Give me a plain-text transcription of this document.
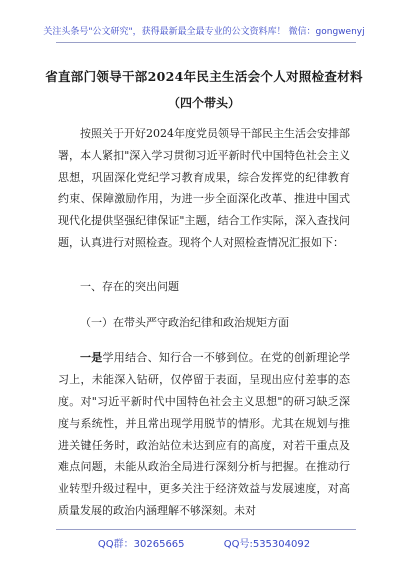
关注头条号"公文研究"，获得最新最全最专业的公文资料库！ 微信：gongwenyj
省直部门领导干部2024年民主生活会个人对照检查材料
（四个带头）

按照关于开好2024年度党员领导干部民主生活会安排部署，本人紧扣"深入学习贯彻习近平新时代中国特色社会主义思想，巩固深化党纪学习教育成果，综合发挥党的纪律教育约束、保障激励作用，为进一步全面深化改革、推进中国式现代化提供坚强纪律保证"主题，结合工作实际，深入查找问题，认真进行对照检查。现将个人对照检查情况汇报如下：

一、存在的突出问题

（一）在带头严守政治纪律和政治规矩方面

一是学用结合、知行合一不够到位。在党的创新理论学习上，未能深入钻研，仅停留于表面，呈现出应付差事的态度。对"习近平新时代中国特色社会主义思想"的研习缺乏深度与系统性，并且常出现学用脱节的情形。尤其在规划与推进关键任务时，政治站位未达到应有的高度，对若干重点及难点问题，未能从政治全局进行深刻分析与把握。在推动行业转型升级过程中，更多关注于经济效益与发展速度，对高质量发展的政治内涵理解不够深刻。未对

QQ群：30265665	QQ号:535304092
